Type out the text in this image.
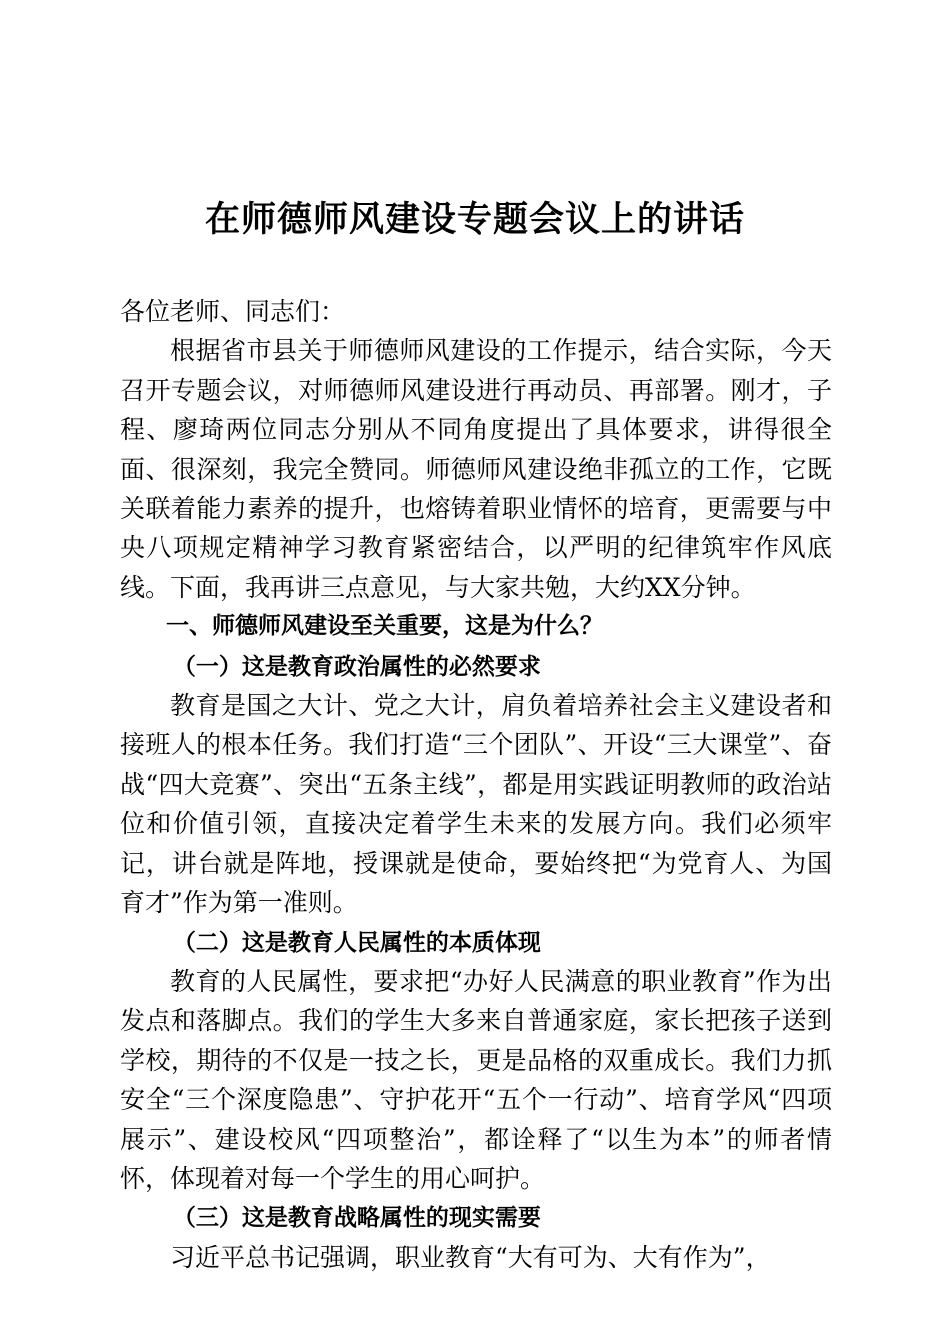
在师德师风建设专题会议上的讲话

各位老师、同志们：

根据省市县关于师德师风建设的工作提示，结合实际，今天召开专题会议，对师德师风建设进行再动员、再部署。刚才，子程、廖琦两位同志分别从不同角度提出了具体要求，讲得很全面、很深刻，我完全赞同。师德师风建设绝非孤立的工作，它既关联着能力素养的提升，也熔铸着职业情怀的培育，更需要与中央八项规定精神学习教育紧密结合，以严明的纪律筑牢作风底线。下面，我再讲三点意见，与大家共勉，大约XX分钟。

一、师德师风建设至关重要，这是为什么？

（一）这是教育政治属性的必然要求

教育是国之大计、党之大计，肩负着培养社会主义建设者和接班人的根本任务。我们打造“三个团队”、开设“三大课堂”、奋战“四大竞赛”、突出“五条主线”，都是用实践证明教师的政治站位和价值引领，直接决定着学生未来的发展方向。我们必须牢记，讲台就是阵地，授课就是使命，要始终把“为党育人、为国育才”作为第一准则。

（二）这是教育人民属性的本质体现

教育的人民属性，要求把“办好人民满意的职业教育”作为出发点和落脚点。我们的学生大多来自普通家庭，家长把孩子送到学校，期待的不仅是一技之长，更是品格的双重成长。我们力抓安全“三个深度隐患”、守护花开“五个一行动”、培育学风“四项展示”、建设校风“四项整治”，都诠释了“以生为本”的师者情怀，体现着对每一个学生的用心呵护。

（三）这是教育战略属性的现实需要

习近平总书记强调，职业教育“大有可为、大有作为”，
